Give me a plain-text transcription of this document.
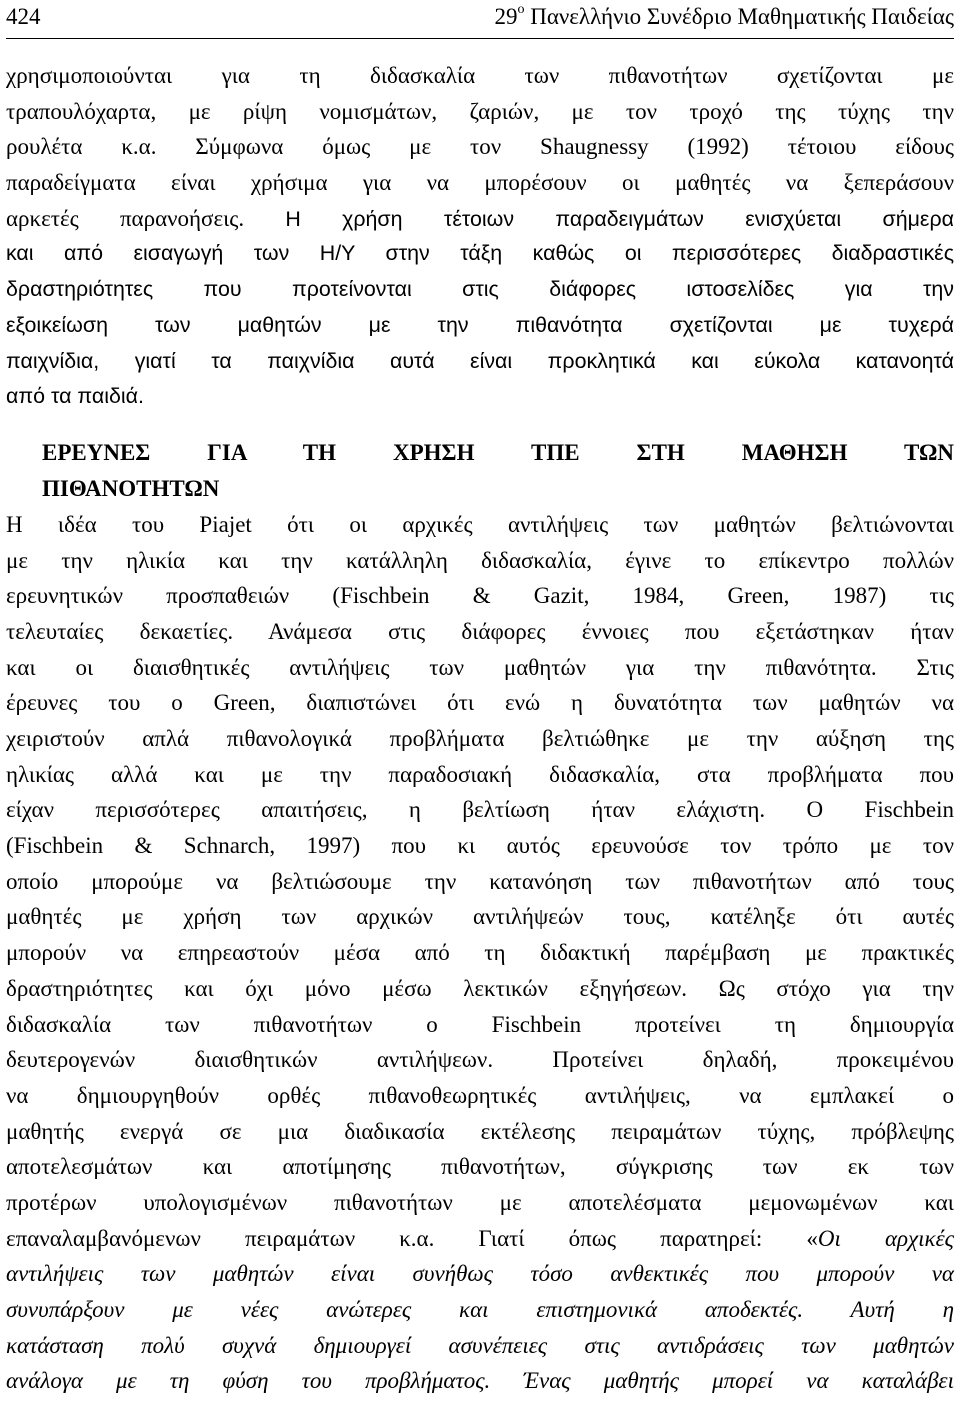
424	$29^o$ Πανελλήνιο Συνέδριο Μαθηματικής Παιδείας
χρησιμοποιούνται για τη διδασκαλία των πιθανοτήτων σχετίζονται με
τραπουλόχαρτα, με ρίψη νομισμάτων, ζαριών, με τον τροχό της τύχης την
ρουλέτα κ.α. Σύμφωνα όμως με τον Shaugnessy (1992) τέτοιου είδους
παραδείγματα είναι χρήσιμα για να μπορέσουν οι μαθητές να ξεπεράσουν
αρκετές παρανοήσεις. Η χρήση τέτοιων παραδειγμάτων ενισχύεται σήμερα
και από εισαγωγή των Η/Υ στην τάξη καθώς οι περισσότερες διαδραστικές
δραστηριότητες που προτείνονται στις διάφορες ιστοσελίδες για την
εξοικείωση των μαθητών με την πιθανότητα σχετίζονται με τυχερά
παιχνίδια, γιατί τα παιχνίδια αυτά είναι προκλητικά και εύκολα κατανοητά
από τα παιδιά.
ΕΡΕΥΝΕΣ ΓΙΑ ΤΗ ΧΡΗΣΗ ΤΠΕ ΣΤΗ ΜΑΘΗΣΗ ΤΩΝ
ΠΙΘΑΝΟΤΗΤΩΝ
Η ιδέα του Piajet ότι οι αρχικές αντιλήψεις των μαθητών βελτιώνονται
με την ηλικία και την κατάλληλη διδασκαλία, έγινε το επίκεντρο πολλών
ερευνητικών προσπαθειών (Fischbein & Gazit, 1984, Green, 1987) τις
τελευταίες δεκαετίες. Ανάμεσα στις διάφορες έννοιες που εξετάστηκαν ήταν
και οι διαισθητικές αντιλήψεις των μαθητών για την πιθανότητα. Στις
έρευνες του ο Green, διαπιστώνει ότι ενώ η δυνατότητα των μαθητών να
χειριστούν απλά πιθανολογικά προβλήματα βελτιώθηκε με την αύξηση της
ηλικίας αλλά και με την παραδοσιακή διδασκαλία, στα προβλήματα που
είχαν περισσότερες απαιτήσεις, η βελτίωση ήταν ελάχιστη. Ο Fischbein
(Fischbein & Schnarch, 1997) που κι αυτός ερευνούσε τον τρόπο με τον
οποίο μπορούμε να βελτιώσουμε την κατανόηση των πιθανοτήτων από τους
μαθητές με χρήση των αρχικών αντιλήψεών τους, κατέληξε ότι αυτές
μπορούν να επηρεαστούν μέσα από τη διδακτική παρέμβαση με πρακτικές
δραστηριότητες και όχι μόνο μέσω λεκτικών εξηγήσεων. Ως στόχο για την
διδασκαλία των πιθανοτήτων ο Fischbein προτείνει τη δημιουργία
δευτερογενών διαισθητικών αντιλήψεων. Προτείνει δηλαδή, προκειμένου
να δημιουργηθούν ορθές πιθανοθεωρητικές αντιλήψεις, να εμπλακεί ο
μαθητής ενεργά σε μια διαδικασία εκτέλεσης πειραμάτων τύχης, πρόβλεψης
αποτελεσμάτων και αποτίμησης πιθανοτήτων, σύγκρισης των εκ των
προτέρων υπολογισμένων πιθανοτήτων με αποτελέσματα μεμονωμένων και
επαναλαμβανόμενων πειραμάτων κ.α. Γιατί όπως παρατηρεί: «Οι αρχικές
αντιλήψεις των μαθητών είναι συνήθως τόσο ανθεκτικές που μπορούν να
συνυπάρξουν με νέες ανώτερες και επιστημονικά αποδεκτές. Αυτή η
κατάσταση πολύ συχνά δημιουργεί ασυνέπειες στις αντιδράσεις των μαθητών
ανάλογα με τη φύση του προβλήματος. Ένας μαθητής μπορεί να καταλάβει
